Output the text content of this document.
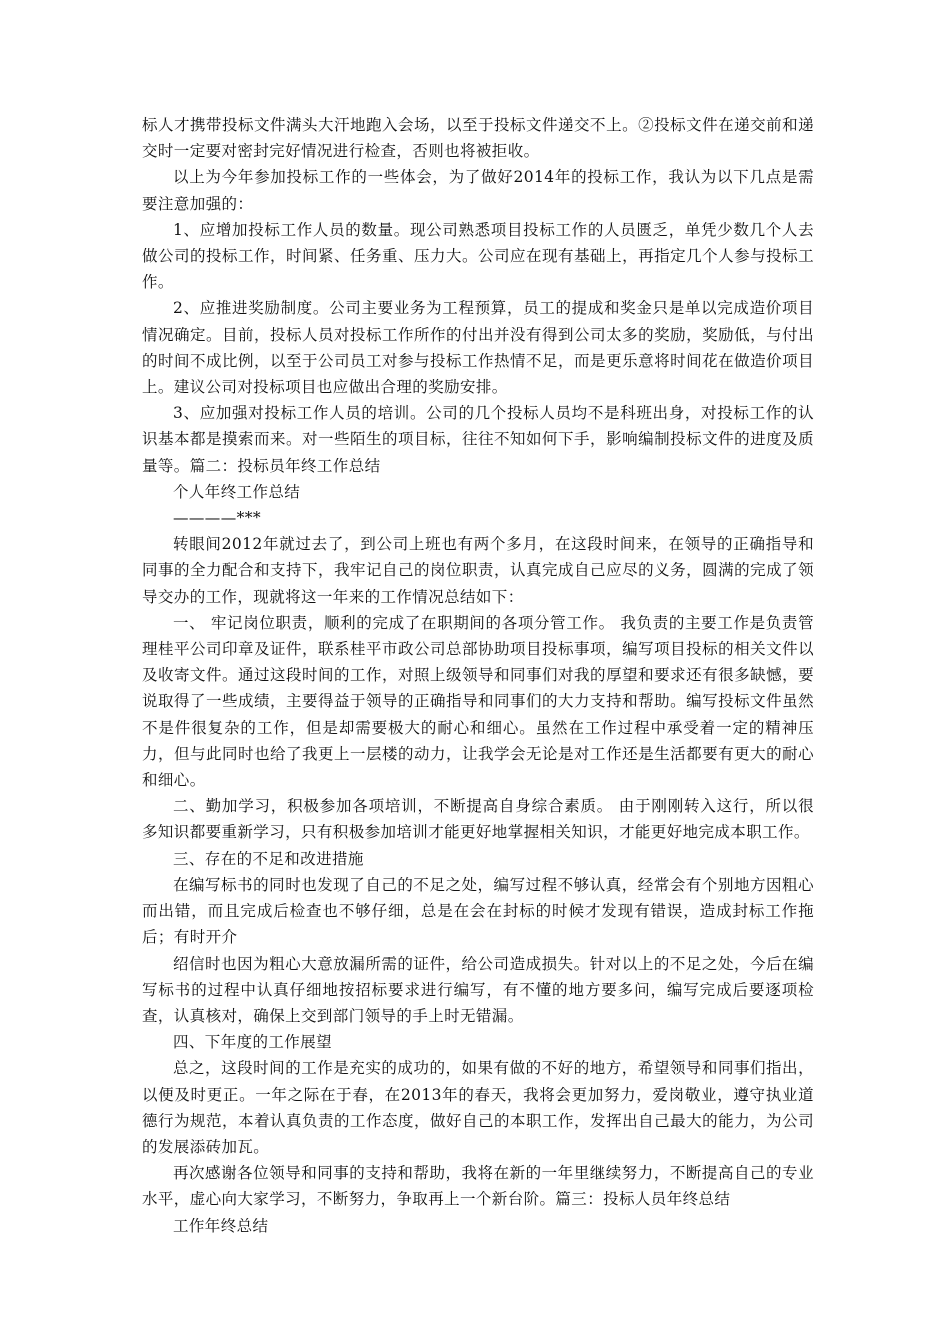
标人才携带投标文件满头大汗地跑入会场，以至于投标文件递交不上。②投标文件在递交前和递交时一定要对密封完好情况进行检查，否则也将被拒收。

以上为今年参加投标工作的一些体会，为了做好2014年的投标工作，我认为以下几点是需要注意加强的：

1、应增加投标工作人员的数量。现公司熟悉项目投标工作的人员匮乏，单凭少数几个人去做公司的投标工作，时间紧、任务重、压力大。公司应在现有基础上，再指定几个人参与投标工作。

2、应推进奖励制度。公司主要业务为工程预算，员工的提成和奖金只是单以完成造价项目情况确定。目前，投标人员对投标工作所作的付出并没有得到公司太多的奖励，奖励低，与付出的时间不成比例，以至于公司员工对参与投标工作热情不足，而是更乐意将时间花在做造价项目上。建议公司对投标项目也应做出合理的奖励安排。

3、应加强对投标工作人员的培训。公司的几个投标人员均不是科班出身，对投标工作的认识基本都是摸索而来。对一些陌生的项目标，往往不知如何下手，影响编制投标文件的进度及质量等。篇二：投标员年终工作总结

个人年终工作总结

————***

转眼间2012年就过去了，到公司上班也有两个多月，在这段时间来，在领导的正确指导和同事的全力配合和支持下，我牢记自己的岗位职责，认真完成自己应尽的义务，圆满的完成了领导交办的工作，现就将这一年来的工作情况总结如下：

一、 牢记岗位职责，顺利的完成了在职期间的各项分管工作。 我负责的主要工作是负责管理桂平公司印章及证件，联系桂平市政公司总部协助项目投标事项，编写项目投标的相关文件以及收寄文件。通过这段时间的工作，对照上级领导和同事们对我的厚望和要求还有很多缺憾，要说取得了一些成绩，主要得益于领导的正确指导和同事们的大力支持和帮助。编写投标文件虽然不是件很复杂的工作，但是却需要极大的耐心和细心。虽然在工作过程中承受着一定的精神压力，但与此同时也给了我更上一层楼的动力，让我学会无论是对工作还是生活都要有更大的耐心和细心。

二、勤加学习，积极参加各项培训，不断提高自身综合素质。 由于刚刚转入这行，所以很多知识都要重新学习，只有积极参加培训才能更好地掌握相关知识，才能更好地完成本职工作。

三、存在的不足和改进措施

在编写标书的同时也发现了自己的不足之处，编写过程不够认真，经常会有个别地方因粗心而出错，而且完成后检查也不够仔细，总是在会在封标的时候才发现有错误，造成封标工作拖后；有时开介

绍信时也因为粗心大意放漏所需的证件，给公司造成损失。针对以上的不足之处，今后在编写标书的过程中认真仔细地按招标要求进行编写，有不懂的地方要多问，编写完成后要逐项检查，认真核对，确保上交到部门领导的手上时无错漏。

四、下年度的工作展望

总之，这段时间的工作是充实的成功的，如果有做的不好的地方，希望领导和同事们指出，以便及时更正。一年之际在于春，在2013年的春天，我将会更加努力，爱岗敬业，遵守执业道德行为规范，本着认真负责的工作态度，做好自己的本职工作，发挥出自己最大的能力，为公司的发展添砖加瓦。

再次感谢各位领导和同事的支持和帮助，我将在新的一年里继续努力，不断提高自己的专业水平，虚心向大家学习，不断努力，争取再上一个新台阶。篇三：投标人员年终总结

工作年终总结
